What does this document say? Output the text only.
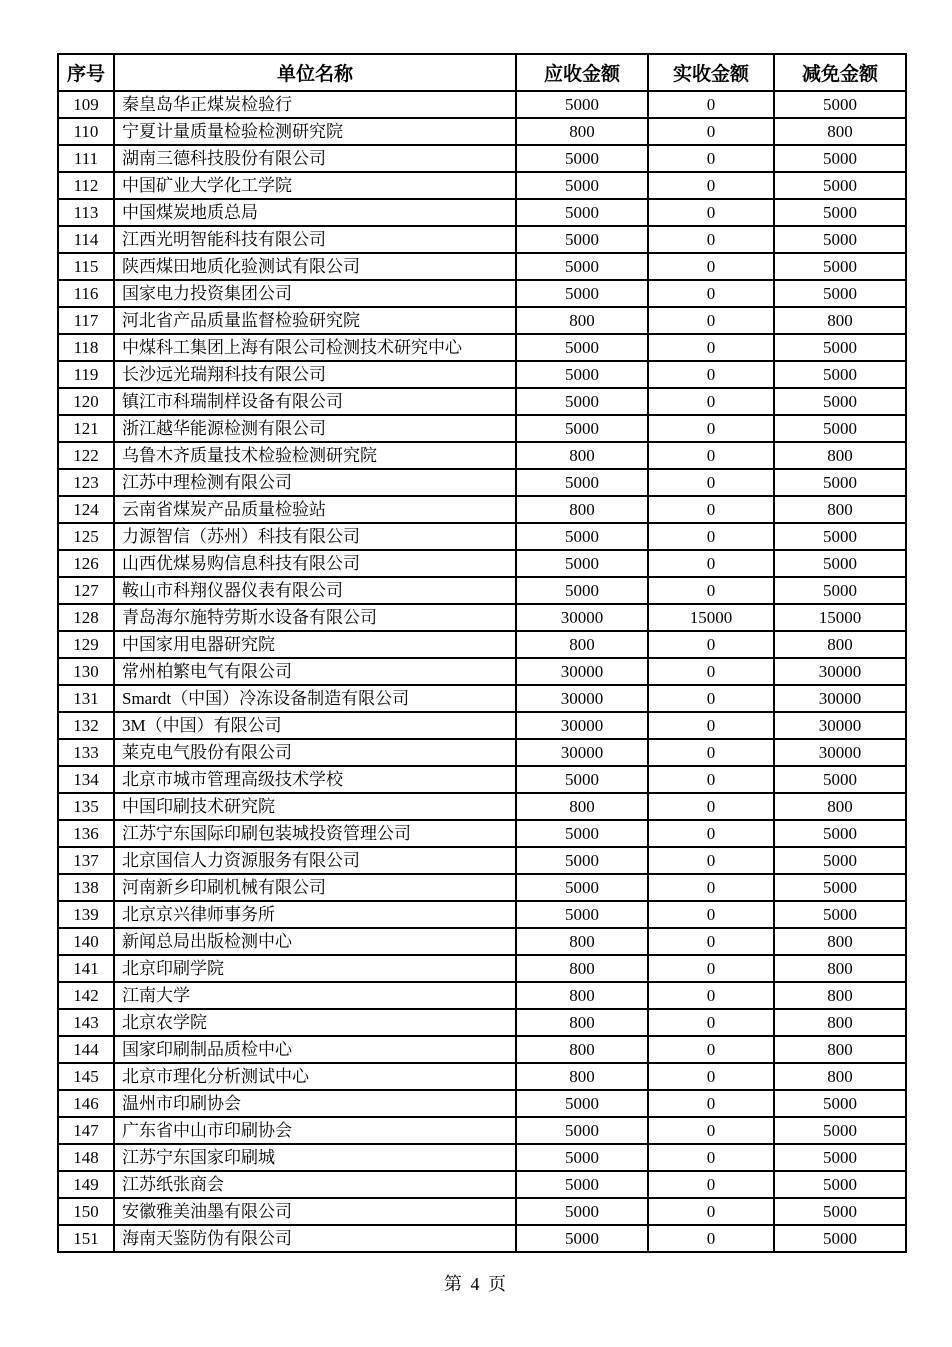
序号	单位名称	应收金额	实收金额	减免金额
109	秦皇岛华正煤炭检验行	5000	0	5000
110	宁夏计量质量检验检测研究院	800	0	800
111	湖南三德科技股份有限公司	5000	0	5000
112	中国矿业大学化工学院	5000	0	5000
113	中国煤炭地质总局	5000	0	5000
114	江西光明智能科技有限公司	5000	0	5000
115	陕西煤田地质化验测试有限公司	5000	0	5000
116	国家电力投资集团公司	5000	0	5000
117	河北省产品质量监督检验研究院	800	0	800
118	中煤科工集团上海有限公司检测技术研究中心	5000	0	5000
119	长沙远光瑞翔科技有限公司	5000	0	5000
120	镇江市科瑞制样设备有限公司	5000	0	5000
121	浙江越华能源检测有限公司	5000	0	5000
122	乌鲁木齐质量技术检验检测研究院	800	0	800
123	江苏中理检测有限公司	5000	0	5000
124	云南省煤炭产品质量检验站	800	0	800
125	力源智信（苏州）科技有限公司	5000	0	5000
126	山西优煤易购信息科技有限公司	5000	0	5000
127	鞍山市科翔仪器仪表有限公司	5000	0	5000
128	青岛海尔施特劳斯水设备有限公司	30000	15000	15000
129	中国家用电器研究院	800	0	800
130	常州柏繁电气有限公司	30000	0	30000
131	Smardt（中国）冷冻设备制造有限公司	30000	0	30000
132	3M（中国）有限公司	30000	0	30000
133	莱克电气股份有限公司	30000	0	30000
134	北京市城市管理高级技术学校	5000	0	5000
135	中国印刷技术研究院	800	0	800
136	江苏宁东国际印刷包装城投资管理公司	5000	0	5000
137	北京国信人力资源服务有限公司	5000	0	5000
138	河南新乡印刷机械有限公司	5000	0	5000
139	北京京兴律师事务所	5000	0	5000
140	新闻总局出版检测中心	800	0	800
141	北京印刷学院	800	0	800
142	江南大学	800	0	800
143	北京农学院	800	0	800
144	国家印刷制品质检中心	800	0	800
145	北京市理化分析测试中心	800	0	800
146	温州市印刷协会	5000	0	5000
147	广东省中山市印刷协会	5000	0	5000
148	江苏宁东国家印刷城	5000	0	5000
149	江苏纸张商会	5000	0	5000
150	安徽雅美油墨有限公司	5000	0	5000
151	海南天鉴防伪有限公司	5000	0	5000
第 4 页
